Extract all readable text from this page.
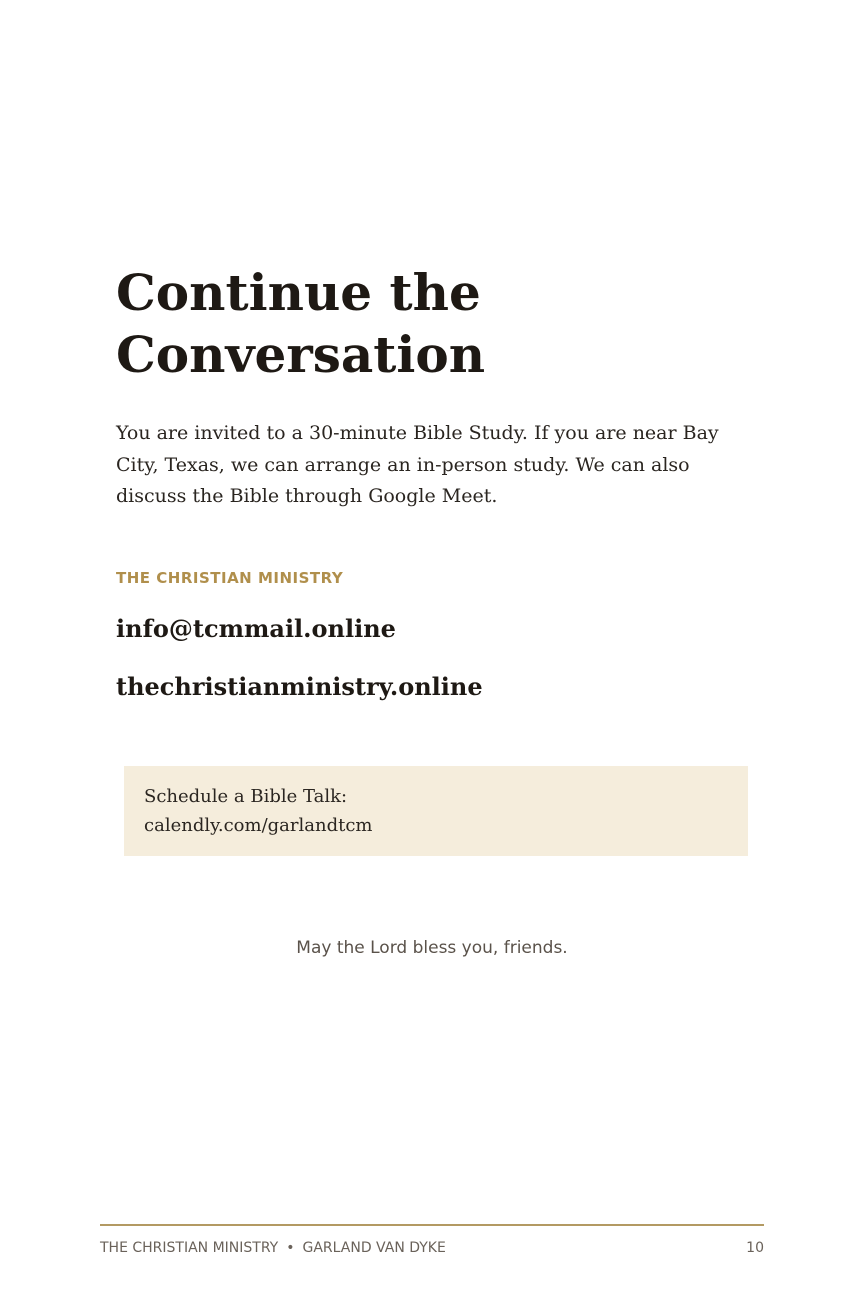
Continue the Conversation

You are invited to a 30-minute Bible Study. If you are near Bay City, Texas, we can arrange an in-person study. We can also discuss the Bible through Google Meet.

THE CHRISTIAN MINISTRY

info@tcmmail.online
thechristianministry.online
Schedule a Bible Talk:
calendly.com/garlandtcm

May the Lord bless you, friends.

THE CHRISTIAN MINISTRY • GARLAND VAN DYKE	10
